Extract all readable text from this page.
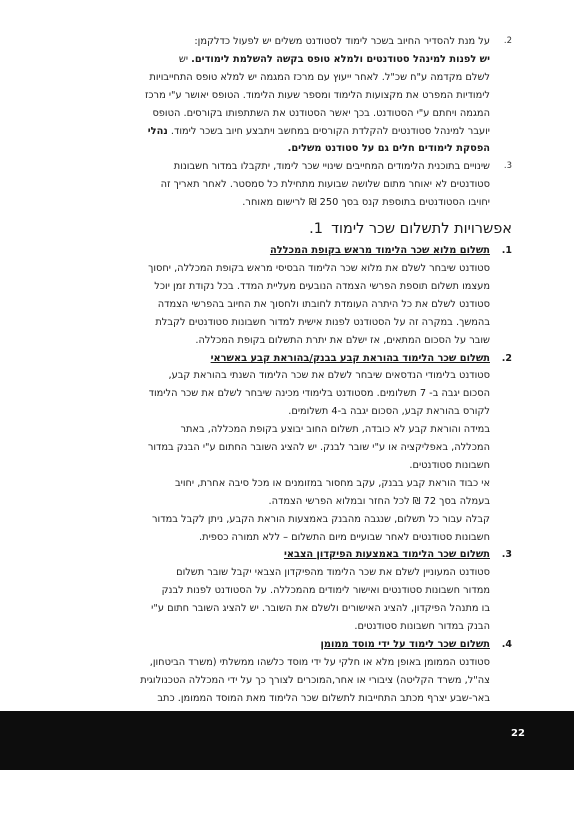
2.
על מנת להסדיר החיוב בשכר לימוד לסטודנט משלים יש לפעול כדלקמן:
יש לפנות למינהל סטודנטים ולמלא טופס בקשה להשלמת לימודים. יש
לשלם מקדמה ע"ח שכ"ל. לאחר ייעוץ עם מרכז המגמה יש למלא טופס התחייבויות
לימודיות המפרט את מקצועות הלימוד ומספר שעות הלימוד. הטופס יאושר ע"י מרכז
המגמה ויחתם ע"י הסטודנט. בכך יאשר הסטודנט את השתתפותו בקורסים. הטופס
יועבר למינהל סטודנטים להקלדת הקורסים במחשב ויתבצע חיוב בשכר לימוד. נהלי
הפסקת לימודים חלים גם על סטודנט משלים.
3.
שינויים בתוכנית הלימודים המחייבים שינויי שכר לימוד, יתקבלו במדור חשבונות
סטודנטים לא יאוחר מתום שלושה שבועות מתחילת כל סמסטר. לאחר תאריך זה
יחויבו הסטודנטים בתוספת קנס בסך 250 ₪ לרישום מאוחר.
אפשרויות לתשלום שכר לימוד
1.
1.
תשלום מלוא שכר הלימוד מראש בקופת המכללה
סטודנט שיבחר לשלם את מלוא שכר הלימוד הבסיסי מראש בקופת המכללה, יחסוך
מעצמו תשלום תוספת הפרשי הצמדה הנובעים מעליית המדד. בכל נקודת זמן יוכל
סטודנט לשלם את כל היתרה העומדת לחובתו ולחסוך את החיוב בהפרשי הצמדה
בהמשך. במקרה זה על הסטודנט לפנות אישית למדור חשבונות סטודנטים לקבלת
שובר על הסכום המתאים, אז ישלם את יתרת התשלום בקופת המכללה.
2.
תשלום שכר הלימוד בהוראת קבע בבנק/בהוראת קבע באשראי
סטודנט בלימודי הנדסאים שיבחר לשלם את שכר הלימוד השנתי בהוראת קבע,
הסכום יגבה ב- 7 תשלומים. מסטודנט בלימודי מכינה שיבחר לשלם את שכר הלימוד
לקורס בהוראת קבע, הסכום יגבה ב-4 תשלומים.
במידה והוראת קבע לא כובדה, תשלום החוב יבוצע בקופת המכללה, באתר
המכללה, באפליקציה או ע"י שובר לבנק. יש להציג השובר החתום ע"י הבנק במדור
חשבונות סטודנטים.
אי כבוד הוראת קבע בבנק, עקב מחסור במזומנים או מכל סיבה אחרת, יחויב
בעמלה בסך 72 ₪ לכל החזר ובמלוא הפרשי הצמדה.
קבלה עבור כל תשלום, שנגבה מהבנק באמצעות הוראת הקבע, ניתן לקבל במדור
חשבונות סטודנטים לאחר שבועיים מיום התשלום – ללא תמורה כספית.
3.
תשלום שכר הלימוד באמצעות הפיקדון הצבאי
סטודנט המעוניין לשלם את שכר הלימוד מהפיקדון הצבאי יקבל שובר תשלום
ממדור חשבונות סטודנטים ואישור לימודים מהמכללה. על הסטודנט לפנות לבנק
בו מתנהל הפיקדון, להציג האישורים ולשלם את השובר. יש להציג השובר חתום ע"י
הבנק במדור חשבונות סטודנטים.
4.
תשלום שכר לימוד על ידי מוסד ממומן
סטודנט הממומן באופן מלא או חלקי על ידי מוסד כלשהו ממשלתי (משרד הביטחון,
צה"ל, משרד הקליטה) ציבורי או אחר,המוכרים לצורך כך על ידי המכללה הטכנולוגית
באר-שבע יצרף מכתב התחייבות לתשלום שכר הלימוד מאת המוסד הממומן. כתב
22
